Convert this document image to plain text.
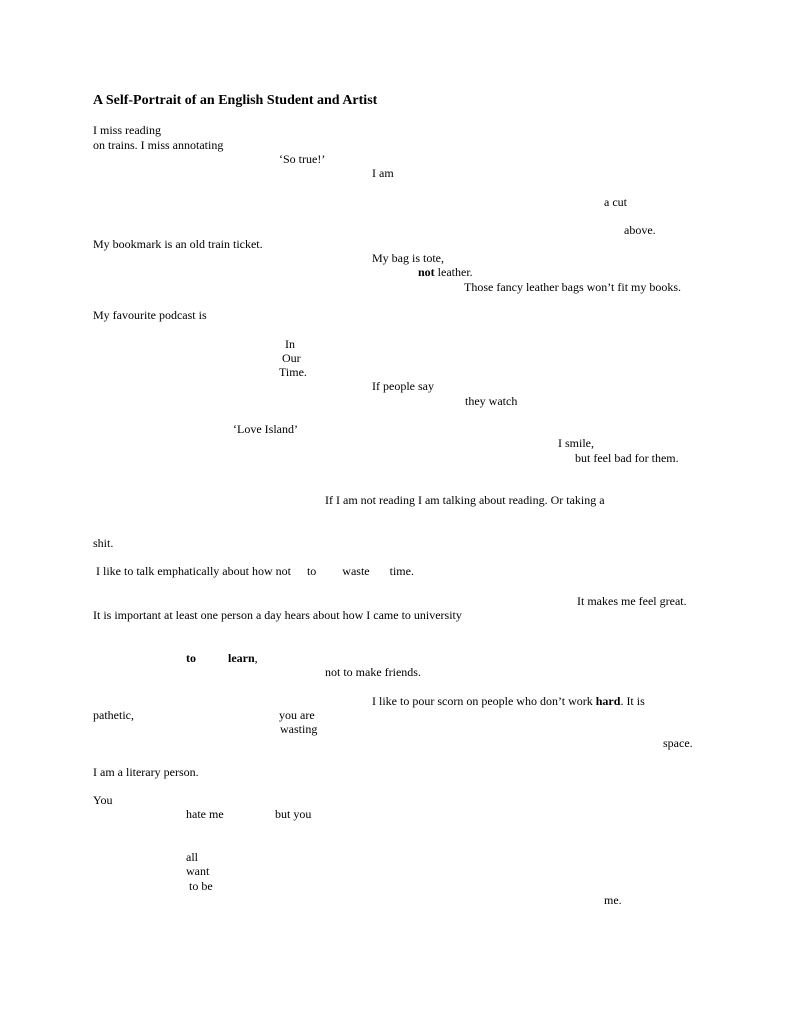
A Self-Portrait of an English Student and Artist
I miss reading
on trains. I miss annotating
‘So true!’
I am
a cut
above.
My bookmark is an old train ticket.
My bag is tote,
not leather.
Those fancy leather bags won’t fit my books.
My favourite podcast is
In
Our
Time.
If people say
they watch
‘Love Island’
I smile,
but feel bad for them.
If I am not reading I am talking about reading. Or taking a
shit.
I like to talk emphatically about how not to waste time.
It makes me feel great.
It is important at least one person a day hears about how I came to university
to	learn,
not to make friends.
I like to pour scorn on people who don’t work hard. It is
pathetic,	you are
wasting
space.
I am a literary person.
You
hate me	but you
all
want
to be
me.
